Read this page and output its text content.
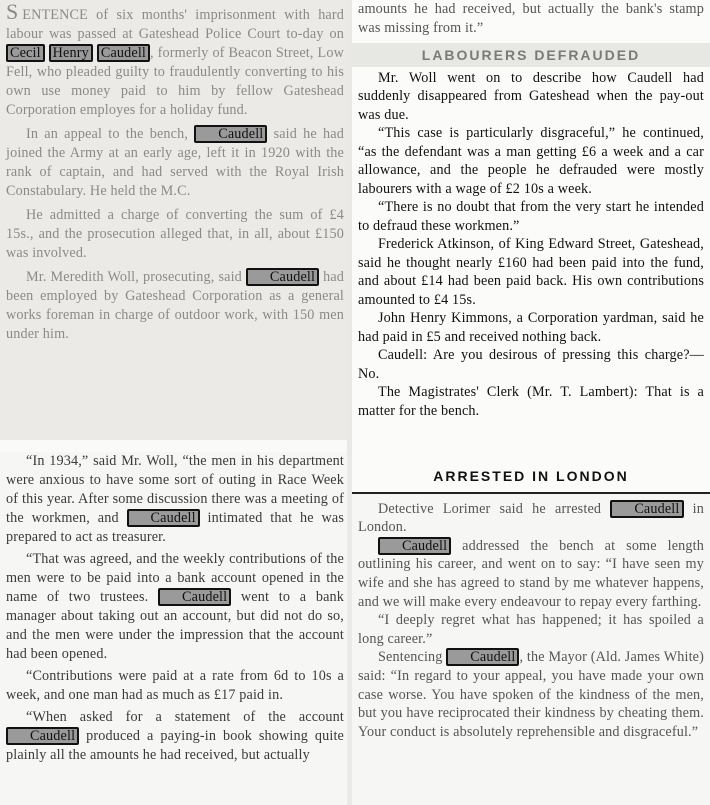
SENTENCE of six months' imprisonment with hard labour was passed at Gateshead Police Court to-day on Cecil Henry Caudell , formerly of Beacon Street, Low Fell, who pleaded guilty to fraudulently converting to his own use money paid to him by fellow Gateshead Corporation employes for a holiday fund.

In an appeal to the bench, Caudell said he had joined the Army at an early age, left it in 1920 with the rank of captain, and had served with the Royal Irish Constabulary. He held the M.C.

He admitted a charge of converting the sum of £4 15s., and the prosecution alleged that, in all, about £150 was involved.

Mr. Meredith Woll, prosecuting, said Caudell had been employed by Gateshead Corporation as a general works foreman in charge of outdoor work, with 150 men under him.

“In 1934,” said Mr. Woll, “the men in his department were anxious to have some sort of outing in Race Week of this year. After some discussion there was a meeting of the workmen, and Caudell intimated that he was prepared to act as treasurer.

“That was agreed, and the weekly contributions of the men were to be paid into a bank account opened in the name of two trustees. Caudell went to a bank manager about taking out an account, but did not do so, and the men were under the impression that the account had been opened.

“Contributions were paid at a rate from 6d to 10s a week, and one man had as much as £17 paid in.

“When asked for a statement of the account Caudell produced a paying-in book showing quite plainly all the amounts he had received, but actually

amounts he had received, but actually the bank's stamp was missing from it.”

LABOURERS DEFRAUDED

Mr. Woll went on to describe how Caudell had suddenly disappeared from Gateshead when the pay-out was due.

“This case is particularly disgraceful,” he continued, “as the defendant was a man getting £6 a week and a car allowance, and the people he defrauded were mostly labourers with a wage of £2 10s a week.

“There is no doubt that from the very start he intended to defraud these workmen.”

Frederick Atkinson, of King Edward Street, Gateshead, said he thought nearly £160 had been paid into the fund, and about £14 had been paid back. His own contributions amounted to £4 15s.

John Henry Kimmons, a Corporation yardman, said he had paid in £5 and received nothing back.

Caudell: Are you desirous of pressing this charge?—No.

The Magistrates' Clerk (Mr. T. Lambert): That is a matter for the bench.

ARRESTED IN LONDON

Detective Lorimer said he arrested Caudell in London.

Caudell addressed the bench at some length outlining his career, and went on to say: “I have seen my wife and she has agreed to stand by me whatever happens, and we will make every endeavour to repay every farthing.

“I deeply regret what has happened; it has spoiled a long career.”

Sentencing Caudell , the Mayor (Ald. James White) said: “In regard to your appeal, you have made your own case worse. You have spoken of the kindness of the men, but you have reciprocated their kindness by cheating them. Your conduct is absolutely reprehensible and disgraceful.”
